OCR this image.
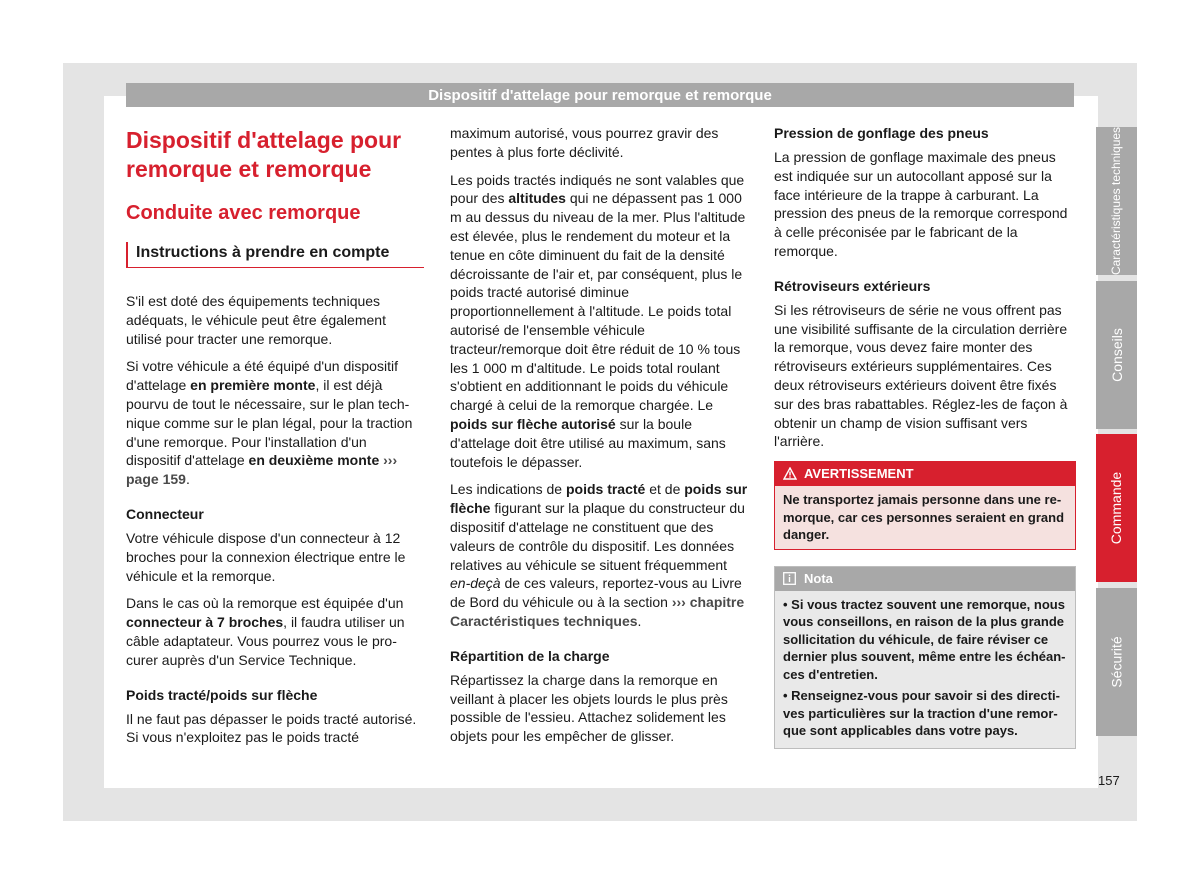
Dispositif d'attelage pour remorque et remorque
Dispositif d'attelage pour remorque et remorque
Conduite avec remorque
Instructions à prendre en compte

S'il est doté des équipements techniques adéquats, le véhicule peut être également utilisé pour tracter une remorque.

Si votre véhicule a été équipé d'un dispositif d'attelage en première monte, il est déjà pourvu de tout le nécessaire, sur le plan technique comme sur le plan légal, pour la traction d'une remorque. Pour l'installation d'un dispositif d'attelage en deuxième monte ››› page 159.

Connecteur

Votre véhicule dispose d'un connecteur à 12 broches pour la connexion électrique entre le véhicule et la remorque.

Dans le cas où la remorque est équipée d'un connecteur à 7 broches, il faudra utiliser un câble adaptateur. Vous pourrez vous le procurer auprès d'un Service Technique.

Poids tracté/poids sur flèche

Il ne faut pas dépasser le poids tracté autorisé. Si vous n'exploitez pas le poids tracté

maximum autorisé, vous pourrez gravir des pentes à plus forte déclivité.

Les poids tractés indiqués ne sont valables que pour des altitudes qui ne dépassent pas 1 000 m au dessus du niveau de la mer. Plus l'altitude est élevée, plus le rendement du moteur et la tenue en côte diminuent du fait de la densité décroissante de l'air et, par conséquent, plus le poids tracté autorisé diminue proportionnellement à l'altitude. Le poids total autorisé de l'ensemble véhicule tracteur/remorque doit être réduit de 10 % tous les 1 000 m d'altitude. Le poids total roulant s'obtient en additionnant le poids du véhicule chargé à celui de la remorque chargée. Le poids sur flèche autorisé sur la boule d'attelage doit être utilisé au maximum, sans toutefois le dépasser.

Les indications de poids tracté et de poids sur flèche figurant sur la plaque du constructeur du dispositif d'attelage ne constituent que des valeurs de contrôle du dispositif. Les données relatives au véhicule se situent fréquemment en-deçà de ces valeurs, reportez-vous au Livre de Bord du véhicule ou à la section ››› chapitre Caractéristiques techniques.

Répartition de la charge

Répartissez la charge dans la remorque en veillant à placer les objets lourds le plus près possible de l'essieu. Attachez solidement les objets pour les empêcher de glisser.

Pression de gonflage des pneus

La pression de gonflage maximale des pneus est indiquée sur un autocollant apposé sur la face intérieure de la trappe à carburant. La pression des pneus de la remorque correspond à celle préconisée par le fabricant de la remorque.

Rétroviseurs extérieurs

Si les rétroviseurs de série ne vous offrent pas une visibilité suffisante de la circulation derrière la remorque, vous devez faire monter des rétroviseurs extérieurs supplémentaires. Ces deux rétroviseurs extérieurs doivent être fixés sur des bras rabattables. Réglez-les de façon à obtenir un champ de vision suffisant vers l'arrière.

AVERTISSEMENT
Ne transportez jamais personne dans une remorque, car ces personnes seraient en grand danger.
Nota
• Si vous tractez souvent une remorque, nous vous conseillons, en raison de la plus grande sollicitation du véhicule, de faire réviser ce dernier plus souvent, même entre les échéances d'entretien.
• Renseignez-vous pour savoir si des directives particulières sur la traction d'une remorque sont applicables dans votre pays.
Caractéristiques techniques
Conseils
Commande
Sécurité
157
